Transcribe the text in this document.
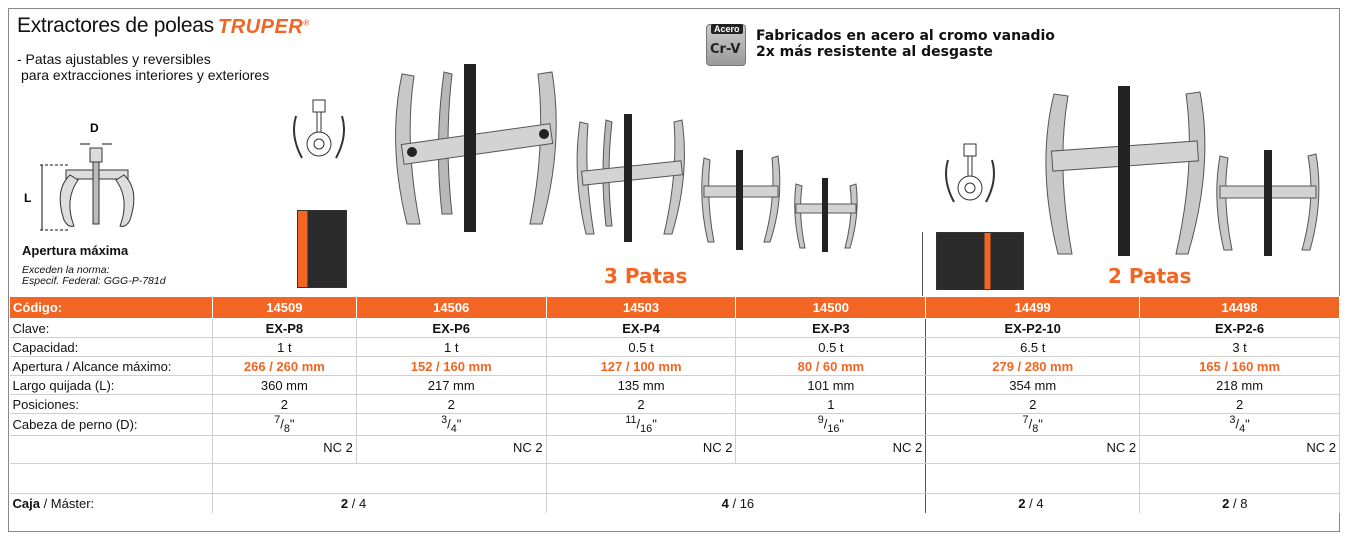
Extractores de poleas TRUPER®
- Patas ajustables y reversibles
para extracciones interiores y exteriores
Acero
Cr-V
Fabricados en acero al cromo vanadio
2x más resistente al desgaste
D
L
Apertura máxima
Exceden la norma:
Especif. Federal: GGG-P-781d	3 Patas	2 Patas
Código:	14509	14506	14503	14500	14499	14498
Clave:	EX-P8	EX-P6	EX-P4	EX-P3	EX-P2-10	EX-P2-6
Capacidad:	1 t	1 t	0.5 t	0.5 t	6.5 t	3 t
Apertura / Alcance máximo:	266 / 260 mm	152 / 160 mm	127 / 100 mm	80 / 60 mm	279 / 280 mm	165 / 160 mm
Largo quijada (L):	360 mm	217 mm	135 mm	101 mm	354 mm	218 mm
Posiciones:	2	2	2	1	2	2
Cabeza de perno (D):	$^7/_8$"	$^3/_4$"	$^{11}/_{16}$"	$^9/_{16}$"	$^7/_8$"	$^3/_4$"
	NC 2	NC 2	NC 2	NC 2	NC 2	NC 2

Caja / Máster:	2 / 4		4 / 16		2 / 4	2 / 8
